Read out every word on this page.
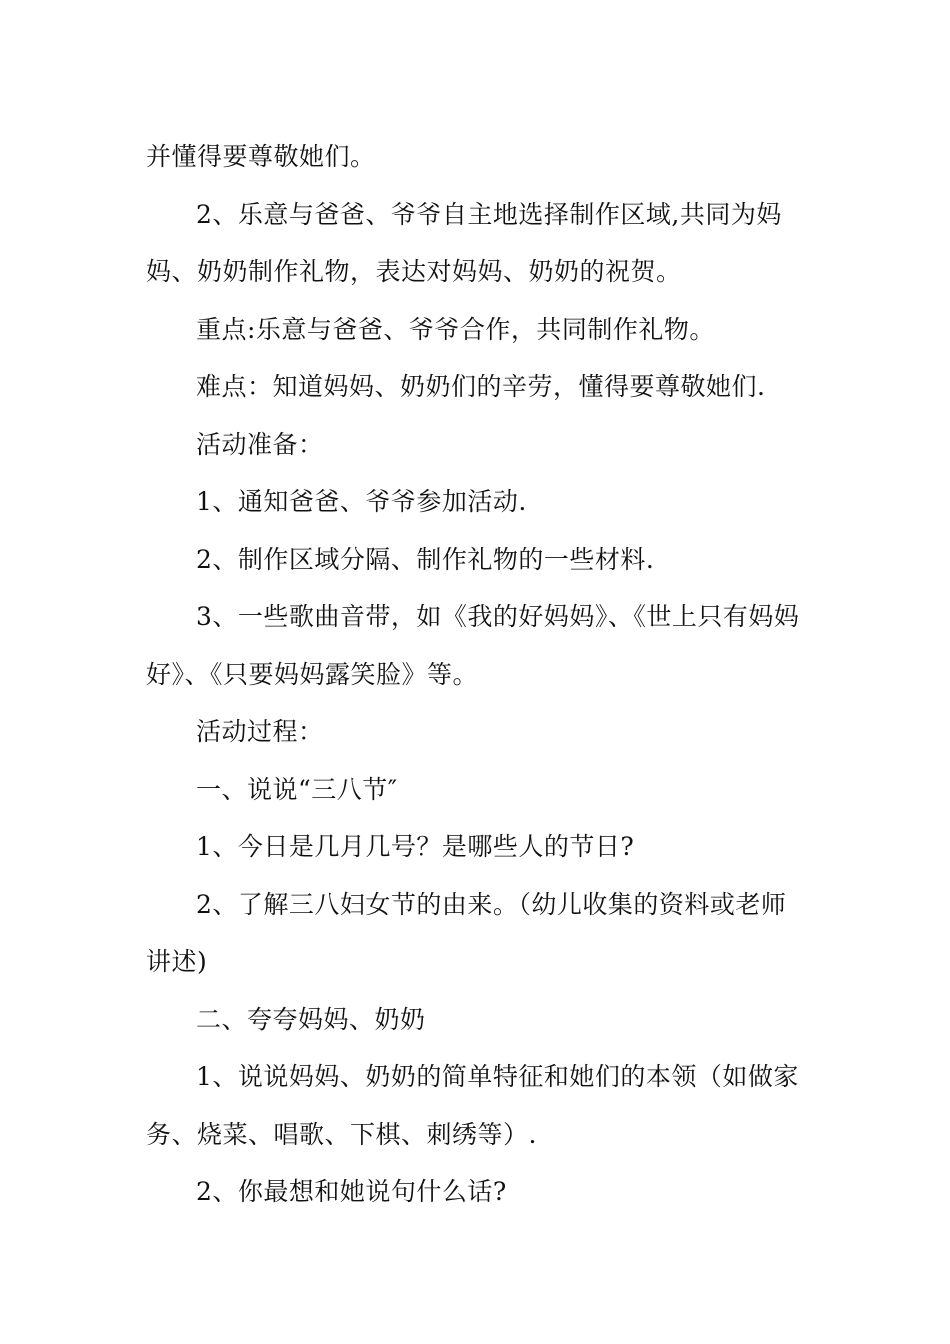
并懂得要尊敬她们。

2、乐意与爸爸、爷爷自主地选择制作区域,共同为妈妈、奶奶制作礼物，表达对妈妈、奶奶的祝贺。

重点:乐意与爸爸、爷爷合作，共同制作礼物。

难点：知道妈妈、奶奶们的辛劳，懂得要尊敬她们.

活动准备：

1、通知爸爸、爷爷参加活动.

2、制作区域分隔、制作礼物的一些材料.

3、一些歌曲音带，如《我的好妈妈》、《世上只有妈妈好》、《只要妈妈露笑脸》等。

活动过程：

一、说说“三八节″

1、今日是几月几号？是哪些人的节日?

2、了解三八妇女节的由来。（幼儿收集的资料或老师讲述)

二、夸夸妈妈、奶奶

1、说说妈妈、奶奶的简单特征和她们的本领（如做家务、烧菜、唱歌、下棋、刺绣等）.

2、你最想和她说句什么话?
